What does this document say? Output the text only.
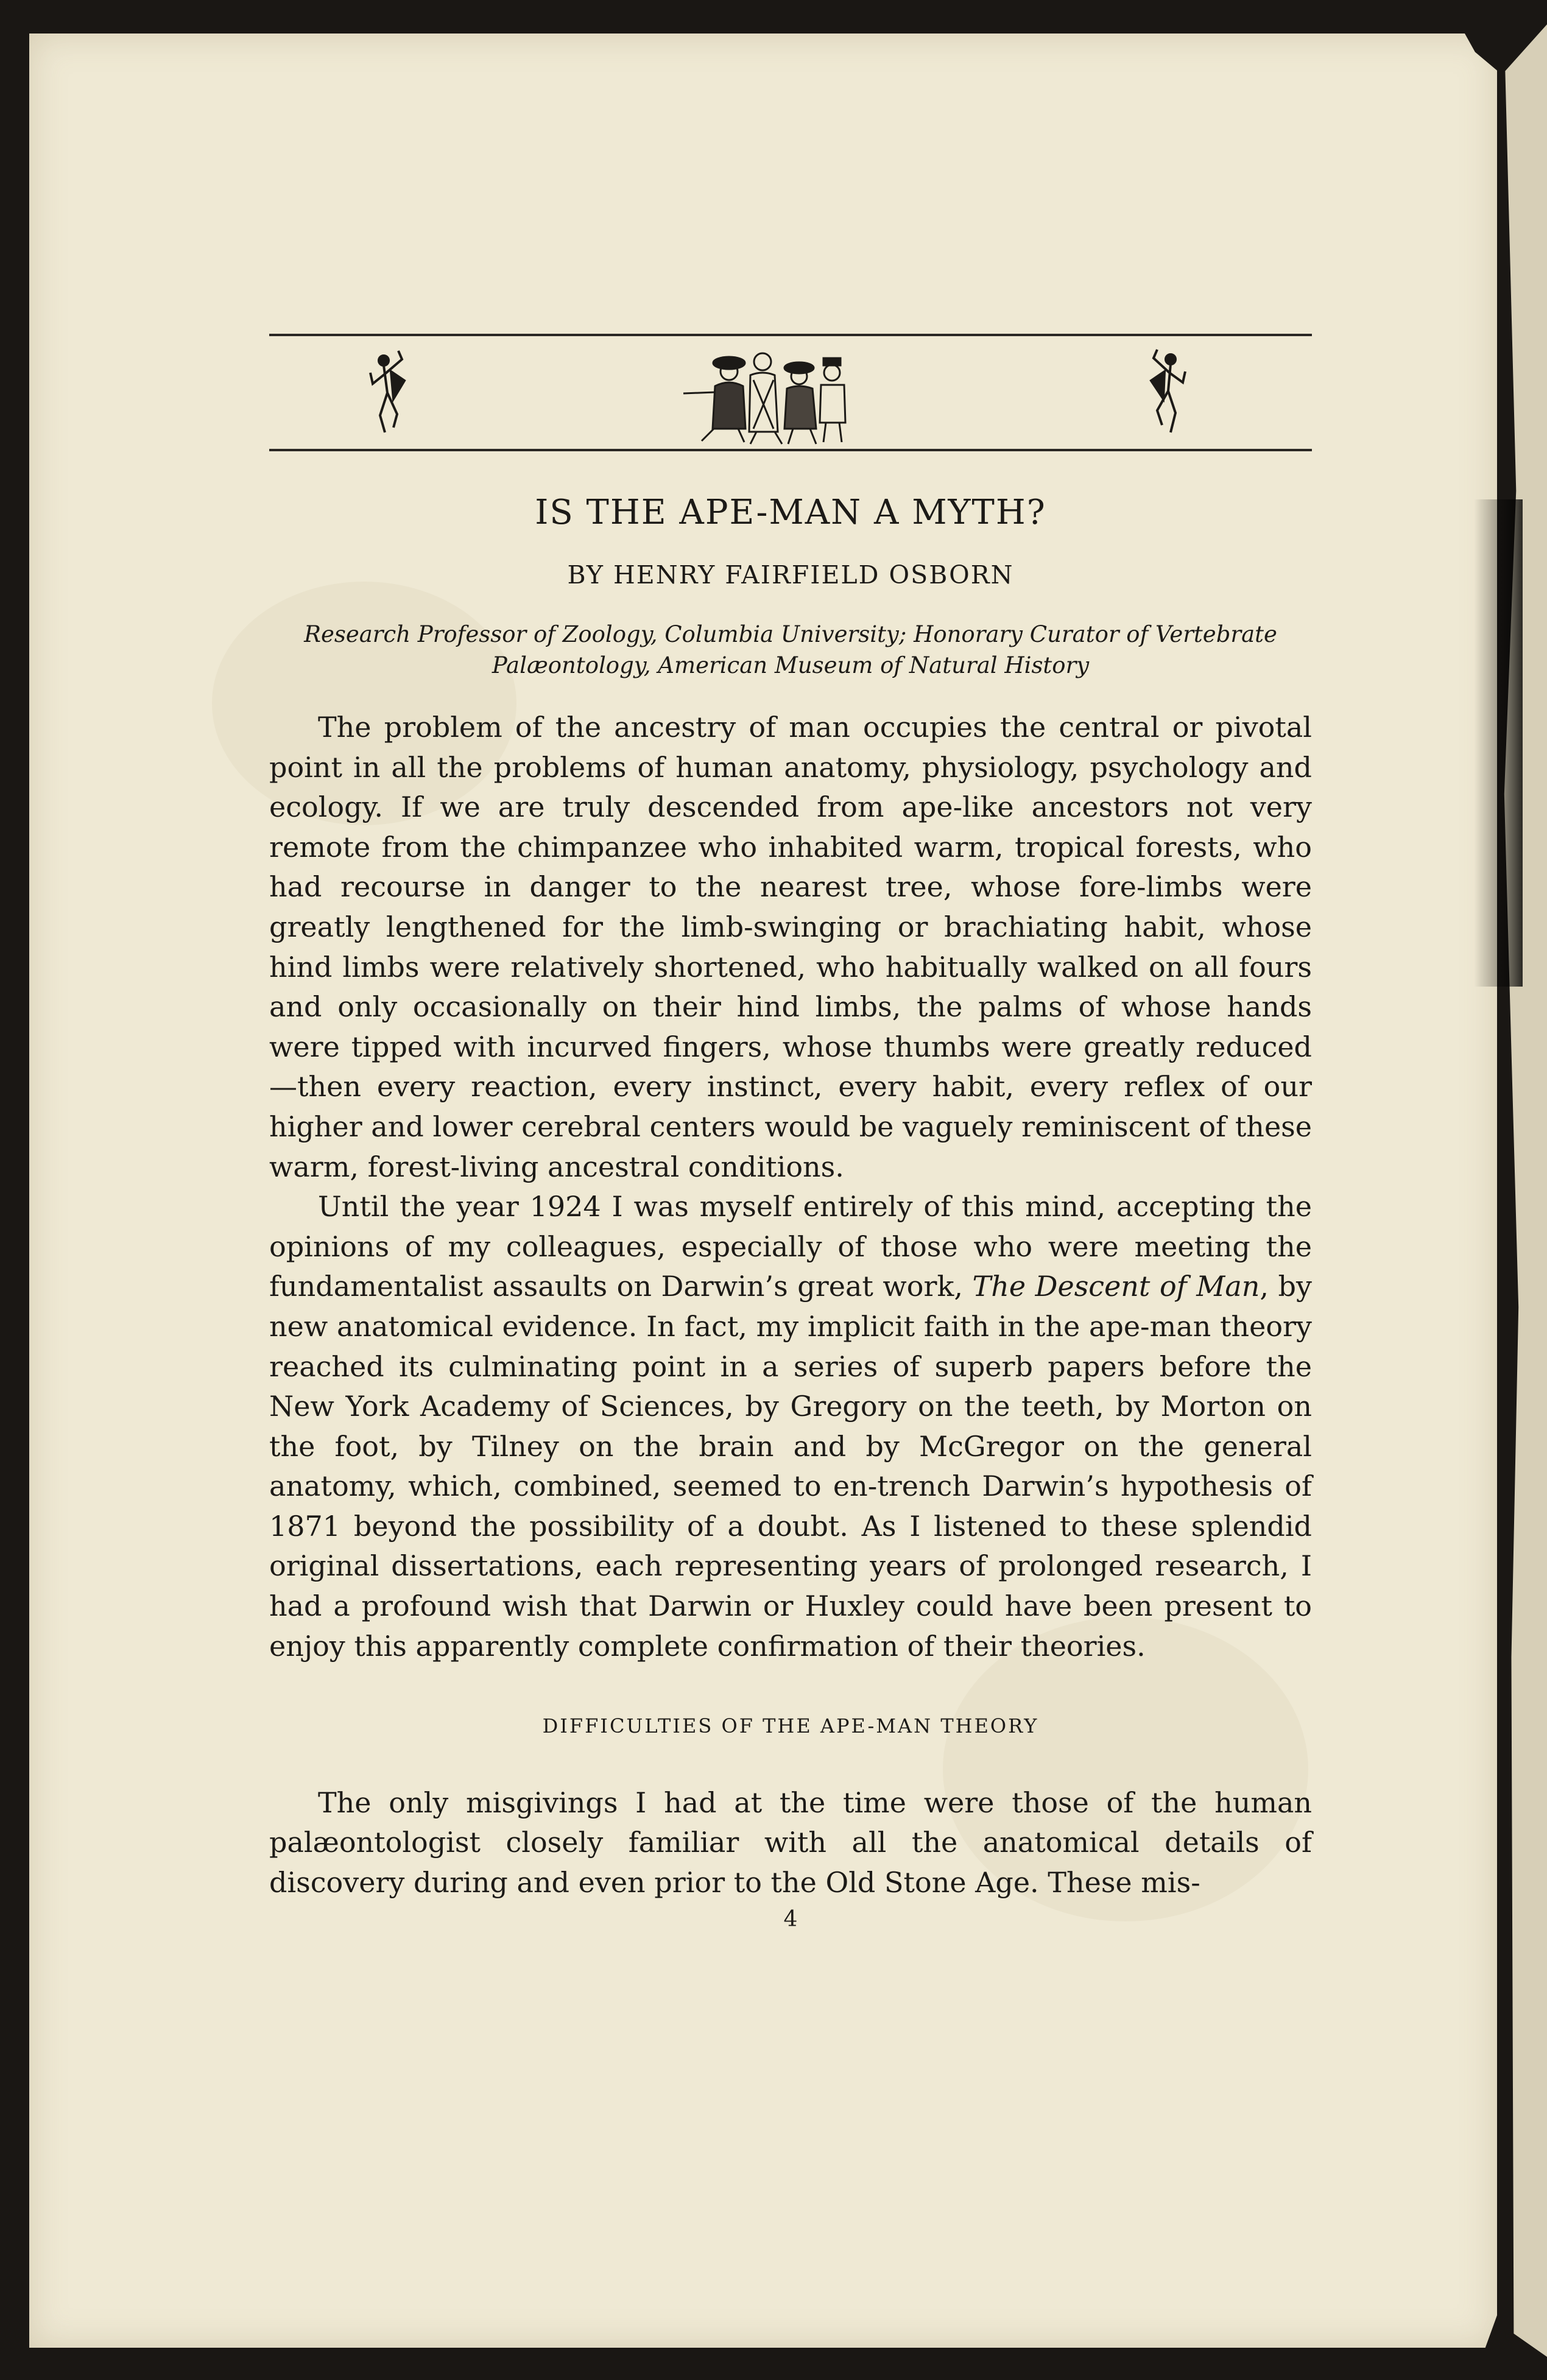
IS THE APE-MAN A MYTH?
BY HENRY FAIRFIELD OSBORN
Research Professor of Zoology, Columbia University; Honorary Curator of Vertebrate
Palæontology, American Museum of Natural History

The problem of the ancestry of man occupies the central or pivotal point in all the problems of human anatomy, physiology, psychology and ecology. If we are truly descended from ape-like ancestors not very remote from the chimpanzee who inhabited warm, tropical forests, who had recourse in danger to the nearest tree, whose fore-limbs were greatly lengthened for the limb-swinging or brachiating habit, whose hind limbs were relatively shortened, who habitually walked on all fours and only occasionally on their hind limbs, the palms of whose hands were tipped with incurved fingers, whose thumbs were greatly reduced—then every reaction, every instinct, every habit, every reflex of our higher and lower cerebral centers would be vaguely reminiscent of these warm, forest-living ancestral conditions.

Until the year 1924 I was myself entirely of this mind, accepting the opinions of my colleagues, especially of those who were meeting the fundamentalist assaults on Darwin’s great work, The Descent of Man, by new anatomical evidence. In fact, my implicit faith in the ape-man theory reached its culminating point in a series of superb papers before the New York Academy of Sciences, by Gregory on the teeth, by Morton on the foot, by Tilney on the brain and by McGregor on the general anatomy, which, combined, seemed to en-trench Darwin’s hypothesis of 1871 beyond the possibility of a doubt. As I listened to these splendid original dissertations, each representing years of prolonged research, I had a profound wish that Darwin or Huxley could have been present to enjoy this apparently complete confirmation of their theories.

DIFFICULTIES OF THE APE-MAN THEORY

The only misgivings I had at the time were those of the human palæontologist closely familiar with all the anatomical details of discovery during and even prior to the Old Stone Age. These mis-

4
